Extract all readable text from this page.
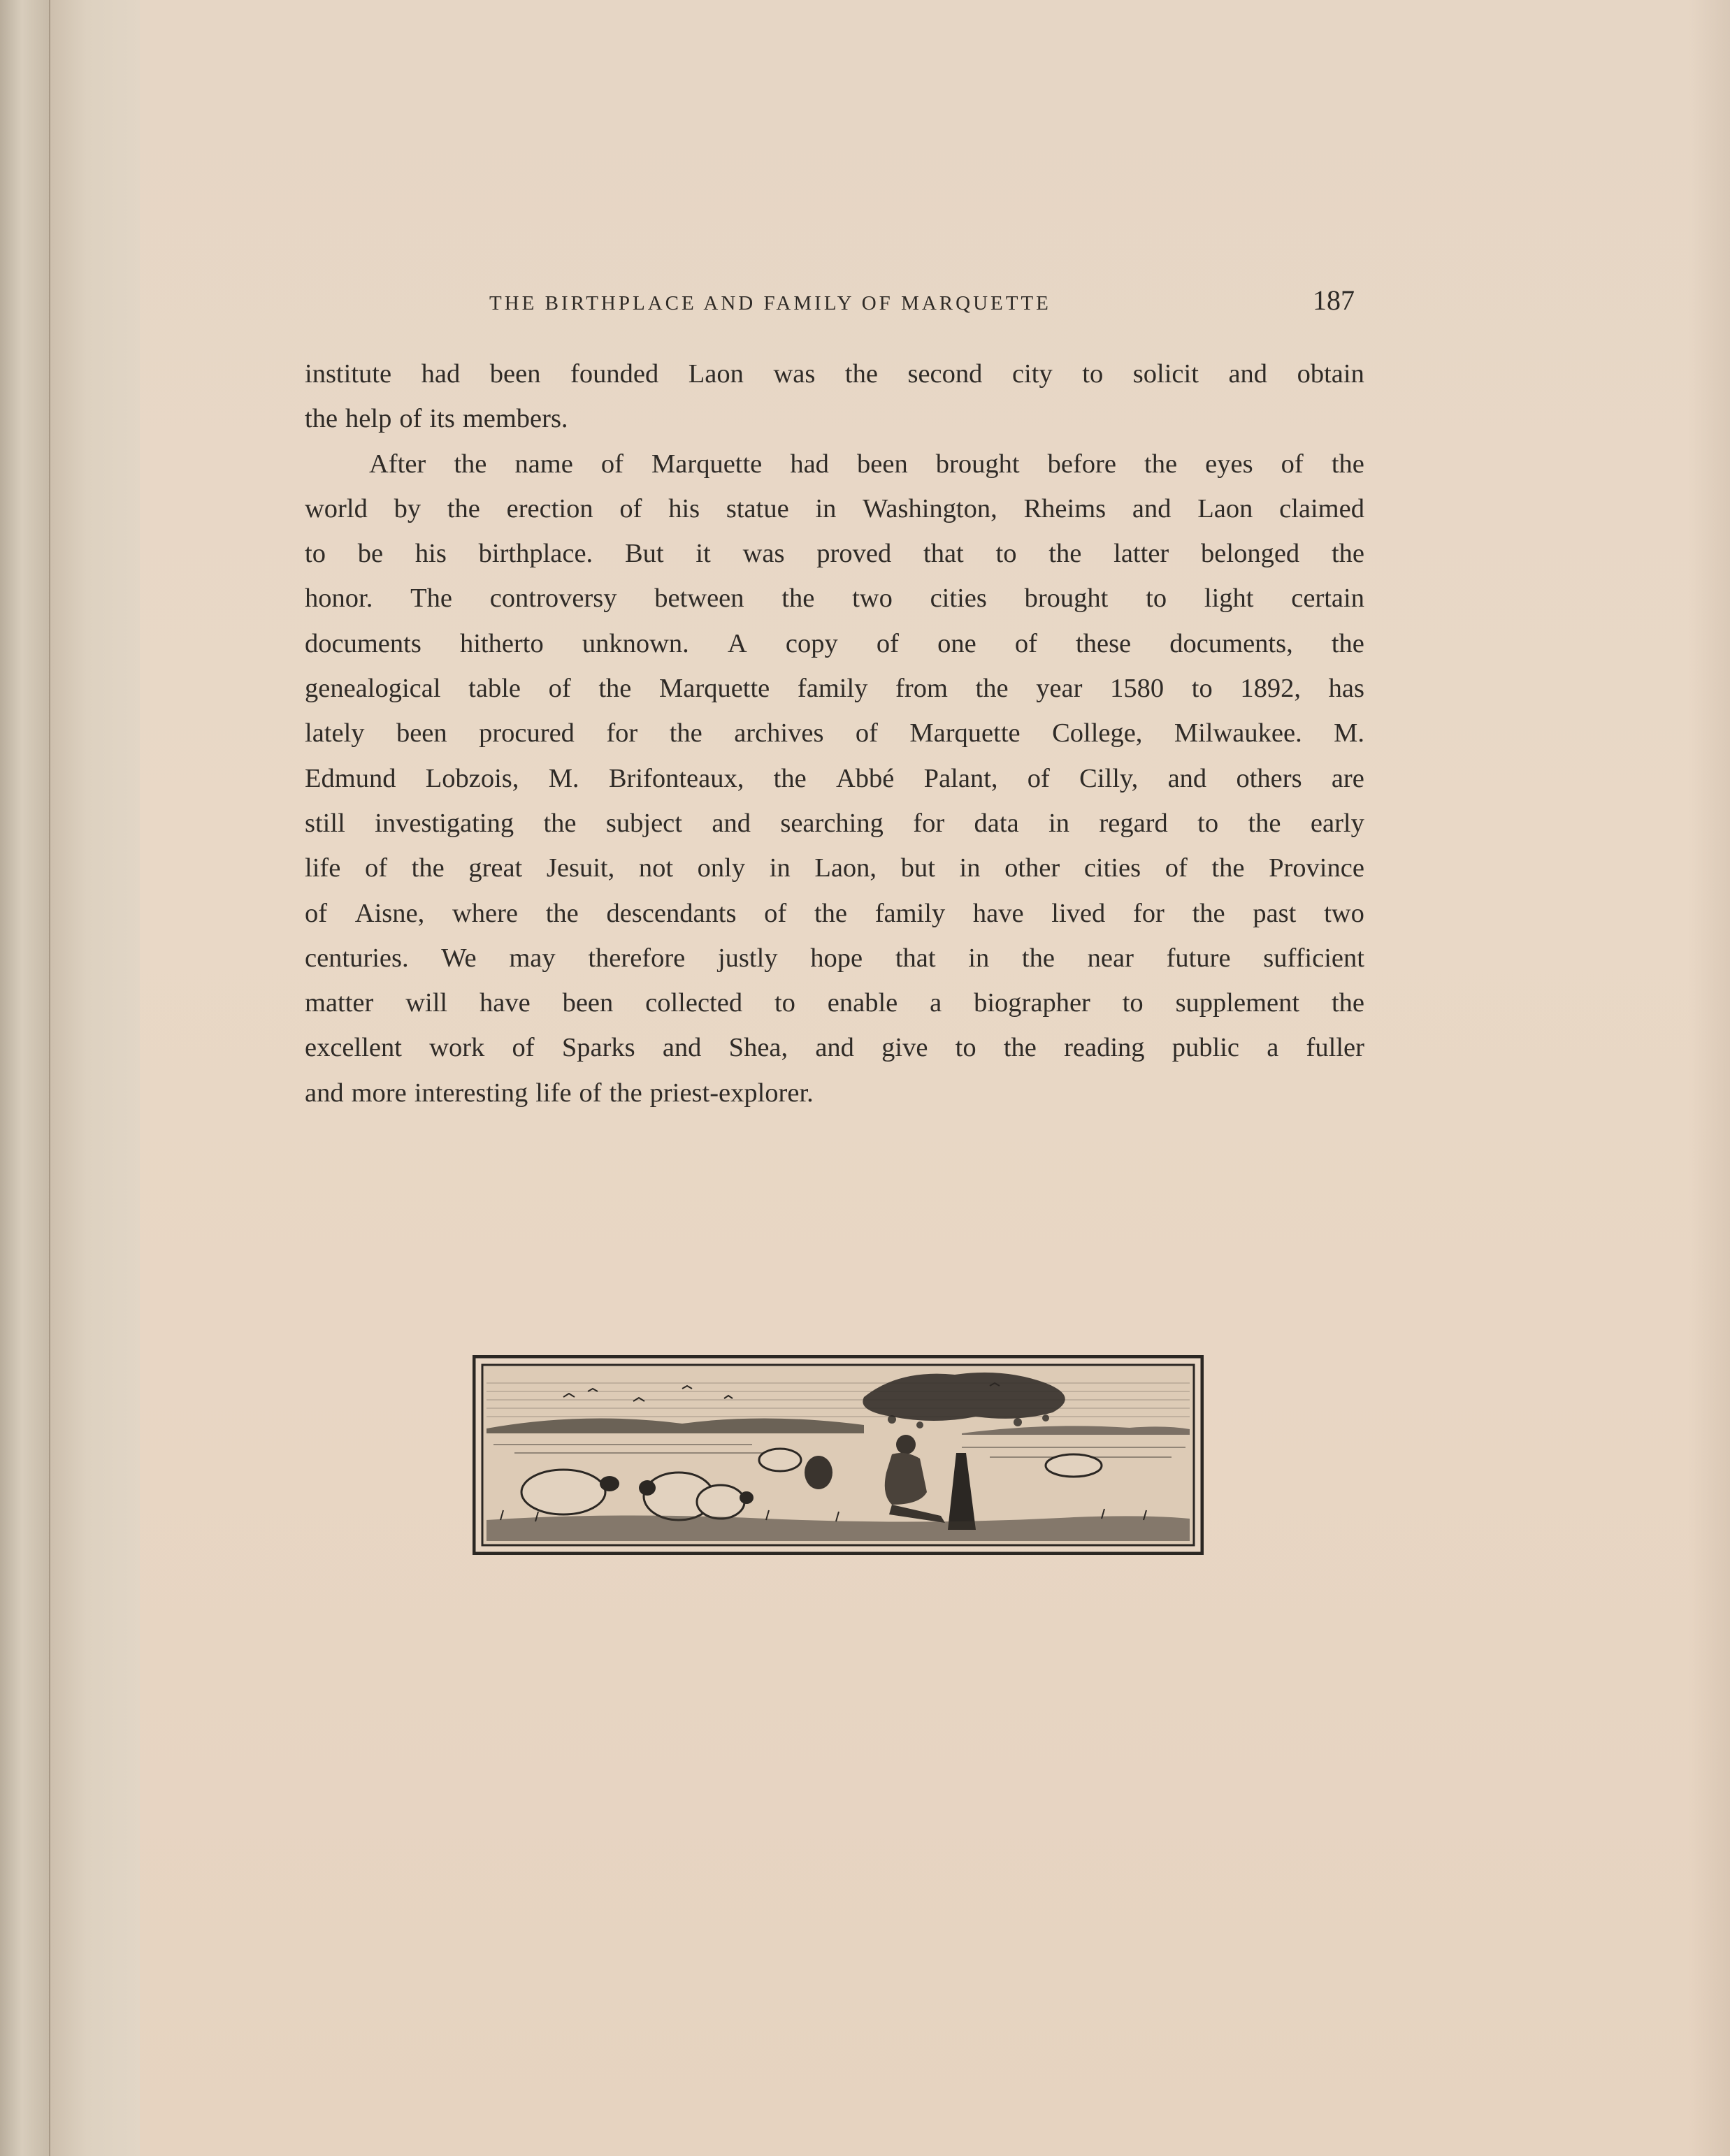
THE BIRTHPLACE AND FAMILY OF MARQUETTE	187
institute had been founded Laon was the second city to solicit and obtain
the help of its members.
After the name of Marquette had been brought before the eyes of the
world by the erection of his statue in Washington, Rheims and Laon claimed
to be his birthplace. But it was proved that to the latter belonged the
honor. The controversy between the two cities brought to light certain
documents hitherto unknown. A copy of one of these documents, the
genealogical table of the Marquette family from the year 1580 to 1892, has
lately been procured for the archives of Marquette College, Milwaukee. M.
Edmund Lobzois, M. Brifonteaux, the Abbé Palant, of Cilly, and others are
still investigating the subject and searching for data in regard to the early
life of the great Jesuit, not only in Laon, but in other cities of the Province
of Aisne, where the descendants of the family have lived for the past two
centuries. We may therefore justly hope that in the near future sufficient
matter will have been collected to enable a biographer to supplement the
excellent work of Sparks and Shea, and give to the reading public a fuller
and more interesting life of the priest-explorer.
